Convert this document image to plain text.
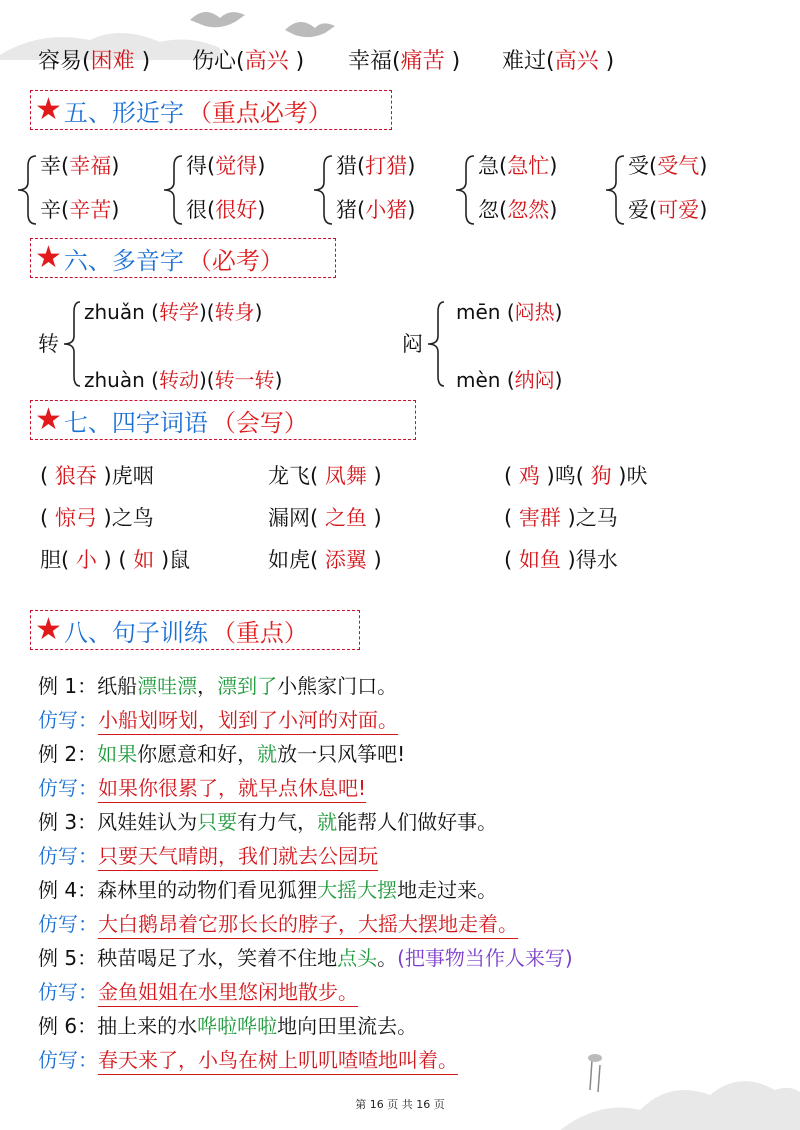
容易(困难 ) 伤心(高兴 ) 幸福(痛苦 ) 难过(高兴 )
★ 五、形近字 （重点必考）
幸(幸福)
辛(辛苦)
得(觉得)
很(很好)
猎(打猎)
猪(小猪)
急(急忙)
忽(忽然)
受(受气)
爱(可爱)
★ 六、多音字 （必考）
转
zhuǎn (转学)(转身)
zhuàn (转动)(转一转)
闷
mēn (闷热)
mèn (纳闷)
★ 七、四字词语 （会写）
( 狼吞 )虎咽	龙飞( 凤舞 )	( 鸡 )鸣( 狗 )吠
( 惊弓 )之鸟	漏网( 之鱼 )	( 害群 )之马
胆( 小 ) ( 如 )鼠	如虎( 添翼 )	( 如鱼 )得水
★ 八、句子训练 （重点）
例 1：纸船漂哇漂，漂到了小熊家门口。
仿写：小船划呀划，划到了小河的对面。
例 2：如果你愿意和好，就放一只风筝吧!
仿写：如果你很累了，就早点休息吧!
例 3：风娃娃认为只要有力气，就能帮人们做好事。
仿写：只要天气晴朗，我们就去公园玩
例 4：森林里的动物们看见狐狸大摇大摆地走过来。
仿写：大白鹅昂着它那长长的脖子，大摇大摆地走着。
例 5：秧苗喝足了水，笑着不住地点头。(把事物当作人来写)
仿写：金鱼姐姐在水里悠闲地散步。
例 6：抽上来的水哗啦哗啦地向田里流去。
仿写：春天来了，小鸟在树上叽叽喳喳地叫着。
第 16 页 共 16 页
